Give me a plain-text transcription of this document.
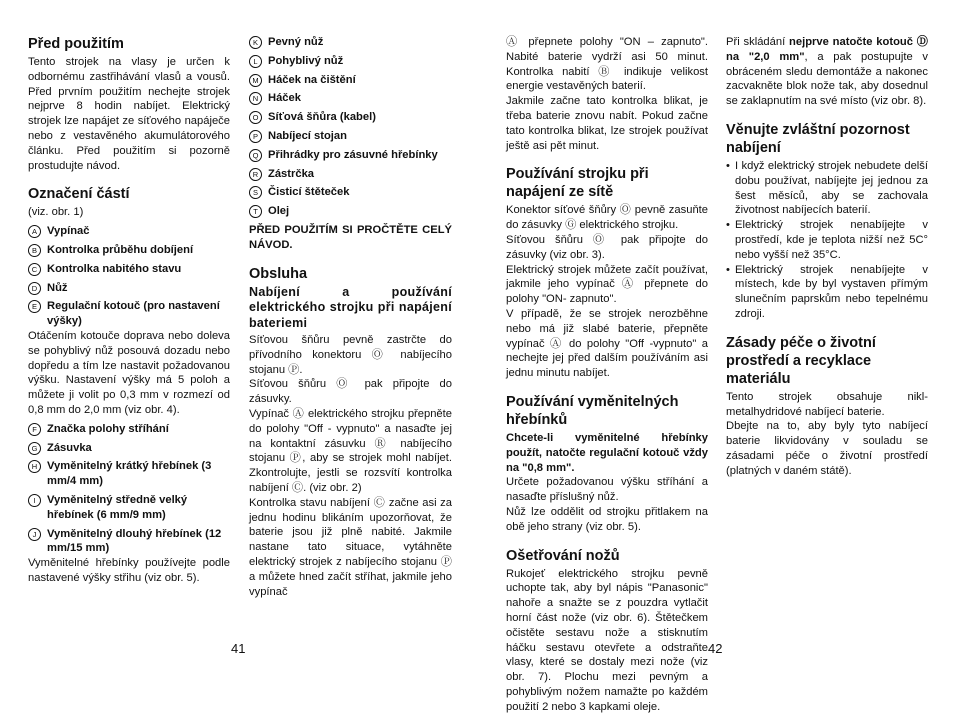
Před použitím

Tento strojek na vlasy je určen k odbornému zastřihávání vlasů a vousů. Před prvním použitím nechejte strojek nejprve 8 hodin nabíjet. Elektrický strojek lze napájet ze síťového napáječe nebo z vestavěného akumulátorového článku. Před použitím si pozorně prostudujte návod.

Označení částí

(viz. obr. 1)

A Vypínač
B Kontrolka průběhu dobíjení
C Kontrolka nabitého stavu
D Nůž
E Regulační kotouč (pro nastavení výšky)

Otáčením kotouče doprava nebo doleva se pohyblivý nůž posouvá dozadu nebo dopředu a tím lze nastavit požadovanou výšku. Nastavení výšky má 5 poloh a můžete ji volit po 0,3 mm v rozmezí od 0,8 mm do 2,0 mm (viz obr. 4).

F Značka polohy stříhání
G Zásuvka
H Vyměnitelný krátký hřebínek (3 mm/4 mm)
I	Vyměnitelný středně velký hřebínek (6 mm/9 mm)
J Vyměnitelný dlouhý hřebínek (12 mm/15 mm)

Vyměnitelné hřebínky používejte podle nastavené výšky střihu (viz obr. 5).

K Pevný nůž
L Pohyblivý nůž
M Háček na čištění
N Háček
O Síťová šňůra (kabel)
P Nabíjecí stojan
Q Přihrádky pro zásuvné hřebínky
R Zástrčka
S Čisticí štěteček
T Olej

PŘED POUŽITÍM SI PROČTĚTE CELÝ NÁVOD.

Obsluha
Nabíjení a používání elektrického strojku při napájení bateriemi

Síťovou šňůru pevně zastrčte do přívodního konektoru Ⓞ nabíjecího stojanu Ⓟ.

Síťovou šňůru Ⓞ pak připojte do zásuvky.

Vypínač Ⓐ elektrického strojku přepněte do polohy "Off - vypnuto" a nasaďte jej na kontaktní zásuvku Ⓡ nabíjecího stojanu Ⓟ, aby se strojek mohl nabíjet. Zkontrolujte, jestli se rozsvítí kontrolka nabíjení Ⓒ. (viz obr. 2)

Kontrolka stavu nabíjení Ⓒ začne asi za jednu hodinu blikáním upozorňovat, že baterie jsou již plně nabité. Jakmile nastane tato situace, vytáhněte elektrický strojek z nabíjecího stojanu Ⓟ a můžete hned začít stříhat, jakmile jeho vypínač

Ⓐ přepnete polohy "ON – zapnuto". Nabité baterie vydrží asi 50 minut. Kontrolka nabití Ⓑ indikuje velikost energie vestavěných baterií.

Jakmile začne tato kontrolka blikat, je třeba baterie znovu nabít. Pokud začne tato kontrolka blikat, lze strojek používat ještě asi pět minut.

Používání strojku při napájení ze sítě

Konektor síťové šňůry Ⓞ pevně zasuňte do zásuvky Ⓖ elektrického strojku.

Síťovou šňůru Ⓞ pak připojte do zásuvky (viz obr. 3).

Elektrický strojek můžete začít používat, jakmile jeho vypínač Ⓐ přepnete do polohy "ON- zapnuto".

V případě, že se strojek nerozběhne nebo má již slabé baterie, přepněte vypínač Ⓐ do polohy "Off -vypnuto" a nechejte jej před dalším používáním asi jednu minutu nabíjet.

Používání vyměnitelných hřebínků

Chcete-li vyměnitelné hřebínky použít, natočte regulační kotouč vždy na "0,8 mm".

Určete požadovanou výšku stříhání a nasaďte příslušný nůž.

Nůž lze oddělit od strojku přitlakem na obě jeho strany (viz obr. 5).

Ošetřování nožů

Rukojeť elektrického strojku pevně uchopte tak, aby byl nápis "Panasonic" nahoře a snažte se z pouzdra vytlačit horní část nože (viz obr. 6). Štětečkem očistěte sestavu nože a stisknutím háčku sestavu otevřete a odstraňte vlasy, které se dostaly mezi nože (viz obr. 7). Plochu mezi pevným a pohyblivým nožem namažte po každém použití 2 nebo 3 kapkami oleje.

Při skládání nejprve natočte kotouč Ⓓ na "2,0 mm", a pak postupujte v obráceném sledu demontáže a nakonec zacvakněte blok nože tak, aby dosednul se zaklapnutím na své místo (viz obr. 8).

Věnujte zvláštní pozornost nabíjení
• I když elektrický strojek nebudete delší dobu používat, nabíjejte jej jednou za šest měsíců, aby se zachovala životnost nabíjecích baterií.
• Elektrický strojek nenabíjejte v prostředí, kde je teplota nižší než 5C° nebo vyšší než 35°C.
• Elektrický strojek nenabíjejte v místech, kde by byl vystaven přímým slunečním paprskům nebo tepelnému zdroji.
Zásady péče o životní prostředí a recyklace materiálu

Tento strojek obsahuje nikl-metalhydridové nabíjecí baterie.

Dbejte na to, aby byly tyto nabíjecí baterie likvidovány v souladu se zásadami péče o životní prostředí (platných v daném státě).

41	42
